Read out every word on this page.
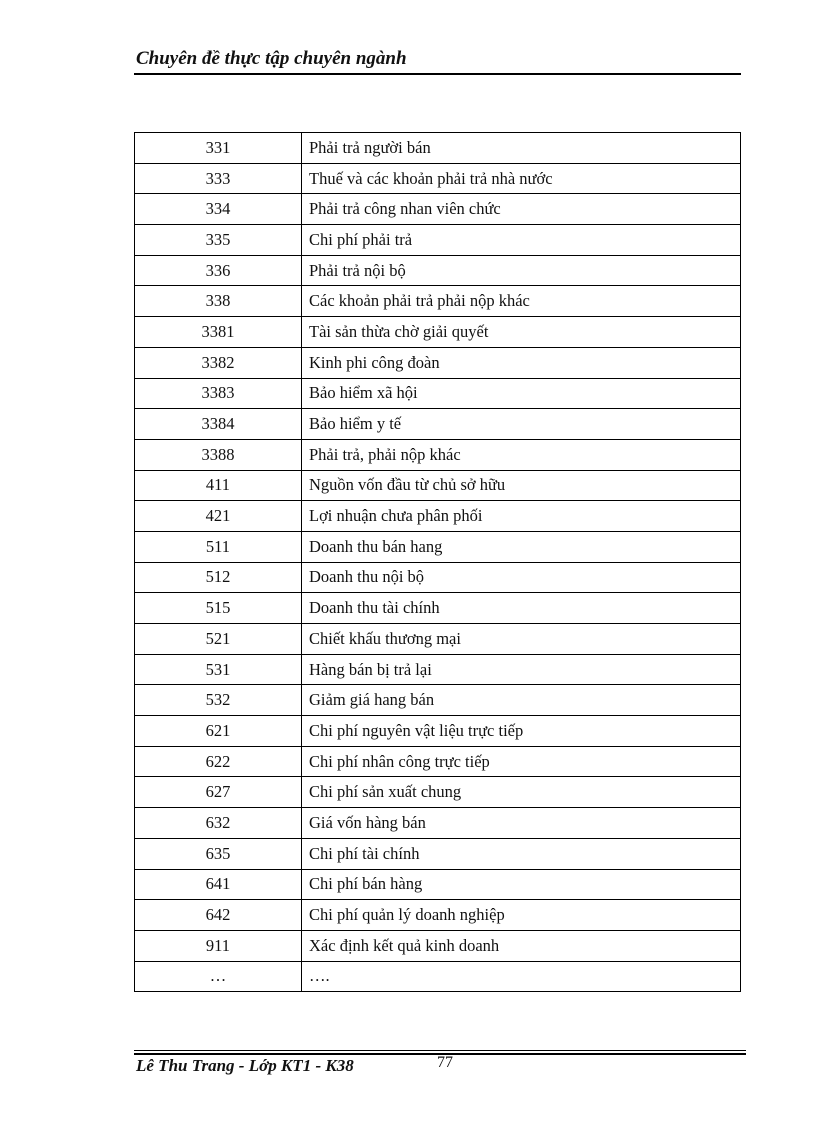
Chuyên đề thực tập chuyên ngành
331	Phải trả người bán
333	Thuế và các khoản phải trả nhà nước
334	Phải trả công nhan viên chức
335	Chi phí phải trả
336	Phải trả nội bộ
338	Các khoản phải trả phải nộp khác
3381	Tài sản thừa chờ giải quyết
3382	Kinh phi công đoàn
3383	Bảo hiểm xã hội
3384	Bảo hiểm y tế
3388	Phải trả, phải nộp khác
411	Nguồn vốn đầu từ chủ sở hữu
421	Lợi nhuận chưa phân phối
511	Doanh thu bán hang
512	Doanh thu nội bộ
515	Doanh thu tài chính
521	Chiết khấu thương mại
531	Hàng bán bị trả lại
532	Giảm giá hang bán
621	Chi phí nguyên vật liệu trực tiếp
622	Chi phí nhân công trực tiếp
627	Chi phí sản xuất chung
632	Giá vốn hàng bán
635	Chi phí tài chính
641	Chi phí bán hàng
642	Chi phí quản lý doanh nghiệp
911	Xác định kết quả kinh doanh
…	….
Lê Thu Trang - Lớp KT1 - K38	77
